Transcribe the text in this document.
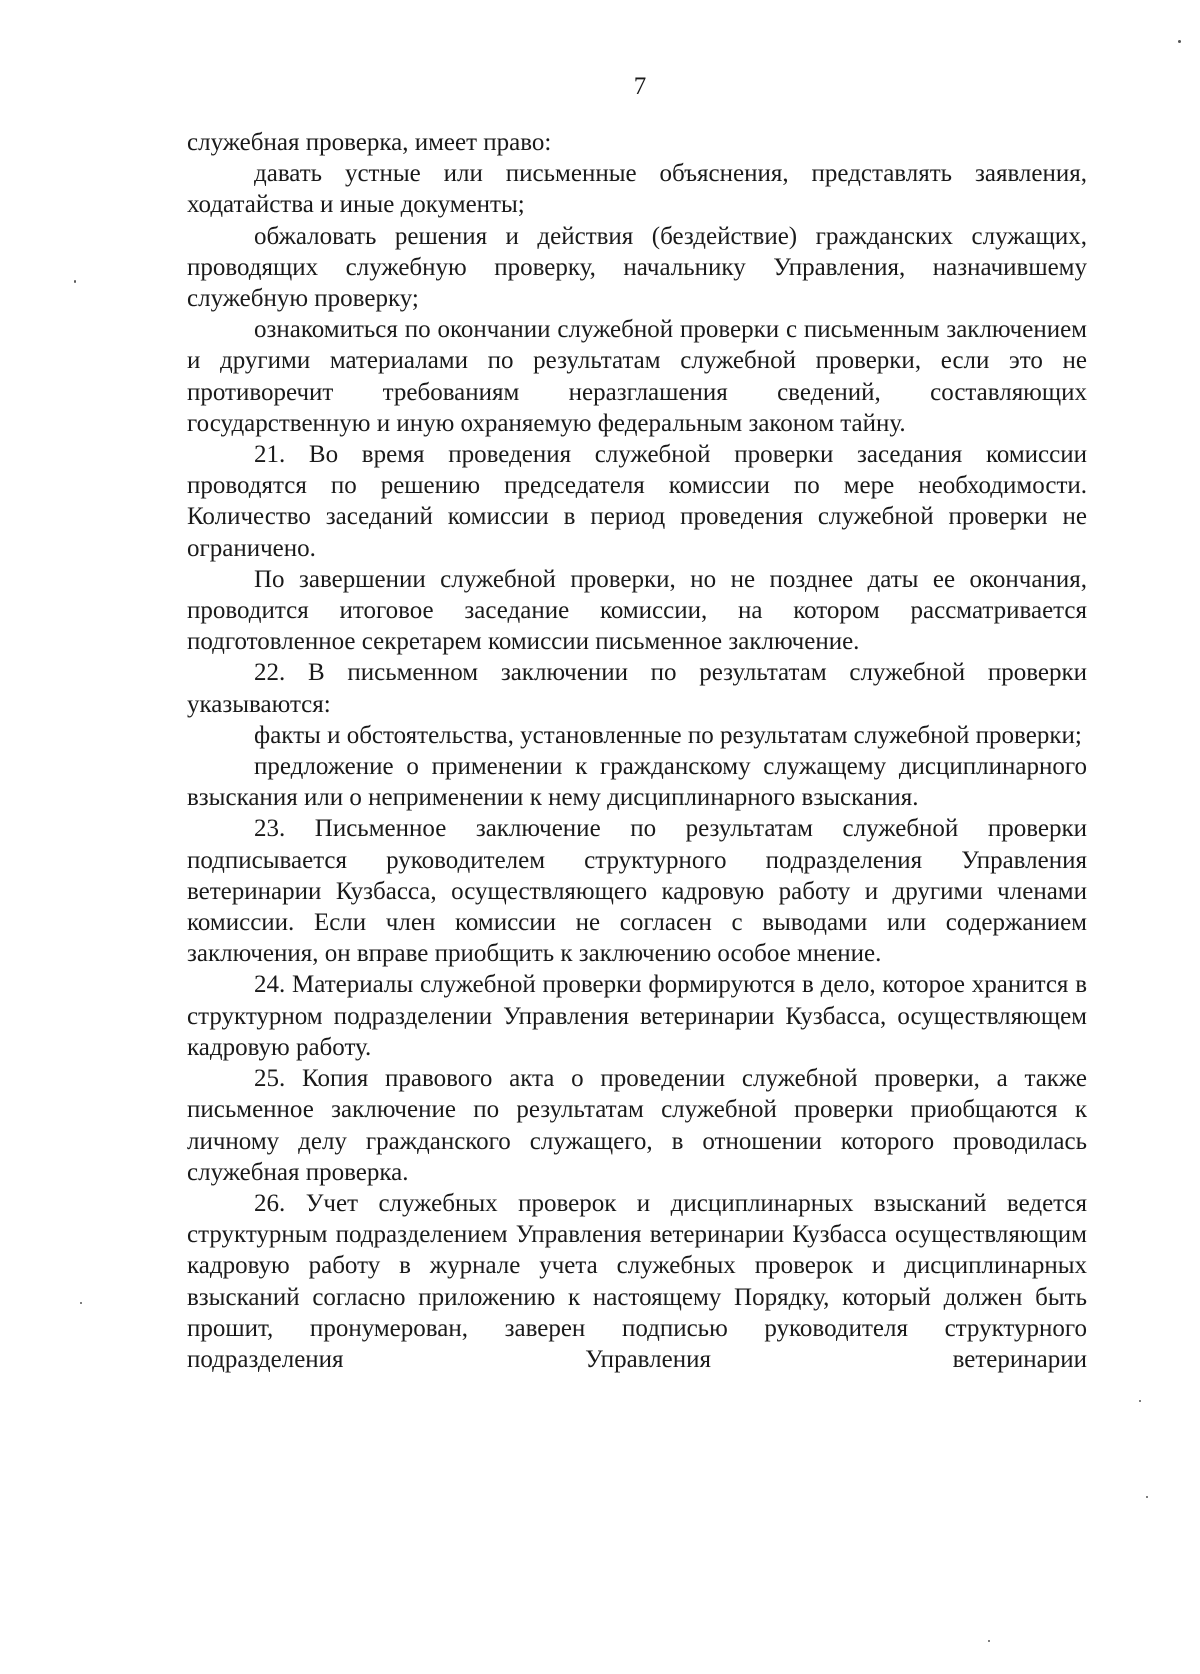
7

служебная проверка, имеет право:

давать устные или письменные объяснения, представлять заявления, ходатайства и иные документы;

обжаловать решения и действия (бездействие) гражданских служащих, проводящих служебную проверку, начальнику Управления, назначившему служебную проверку;

ознакомиться по окончании служебной проверки с письменным заключением и другими материалами по результатам служебной проверки, если это не противоречит требованиям неразглашения сведений, составляющих государственную и иную охраняемую федеральным законом тайну.

21. Во время проведения служебной проверки заседания комиссии проводятся по решению председателя комиссии по мере необходимости. Количество заседаний комиссии в период проведения служебной проверки не ограничено.

По завершении служебной проверки, но не позднее даты ее окончания, проводится итоговое заседание комиссии, на котором рассматривается подготовленное секретарем комиссии письменное заключение.

22. В письменном заключении по результатам служебной проверки указываются:

факты и обстоятельства, установленные по результатам служебной проверки;

предложение о применении к гражданскому служащему дисциплинарного взыскания или о неприменении к нему дисциплинарного взыскания.

23. Письменное заключение по результатам служебной проверки подписывается руководителем структурного подразделения Управления ветеринарии Кузбасса, осуществляющего кадровую работу и другими членами комиссии. Если член комиссии не согласен с выводами или содержанием заключения, он вправе приобщить к заключению особое мнение.

24. Материалы служебной проверки формируются в дело, которое хранится в структурном подразделении Управления ветеринарии Кузбасса, осуществляющем кадровую работу.

25. Копия правового акта о проведении служебной проверки, а также письменное заключение по результатам служебной проверки приобщаются к личному делу гражданского служащего, в отношении которого проводилась служебная проверка.

26. Учет служебных проверок и дисциплинарных взысканий ведется структурным подразделением Управления ветеринарии Кузбасса осуществляющим кадровую работу в журнале учета служебных проверок и дисциплинарных взысканий согласно приложению к настоящему Порядку, который должен быть прошит, пронумерован, заверен подписью руководителя структурного подразделения Управления ветеринарии
